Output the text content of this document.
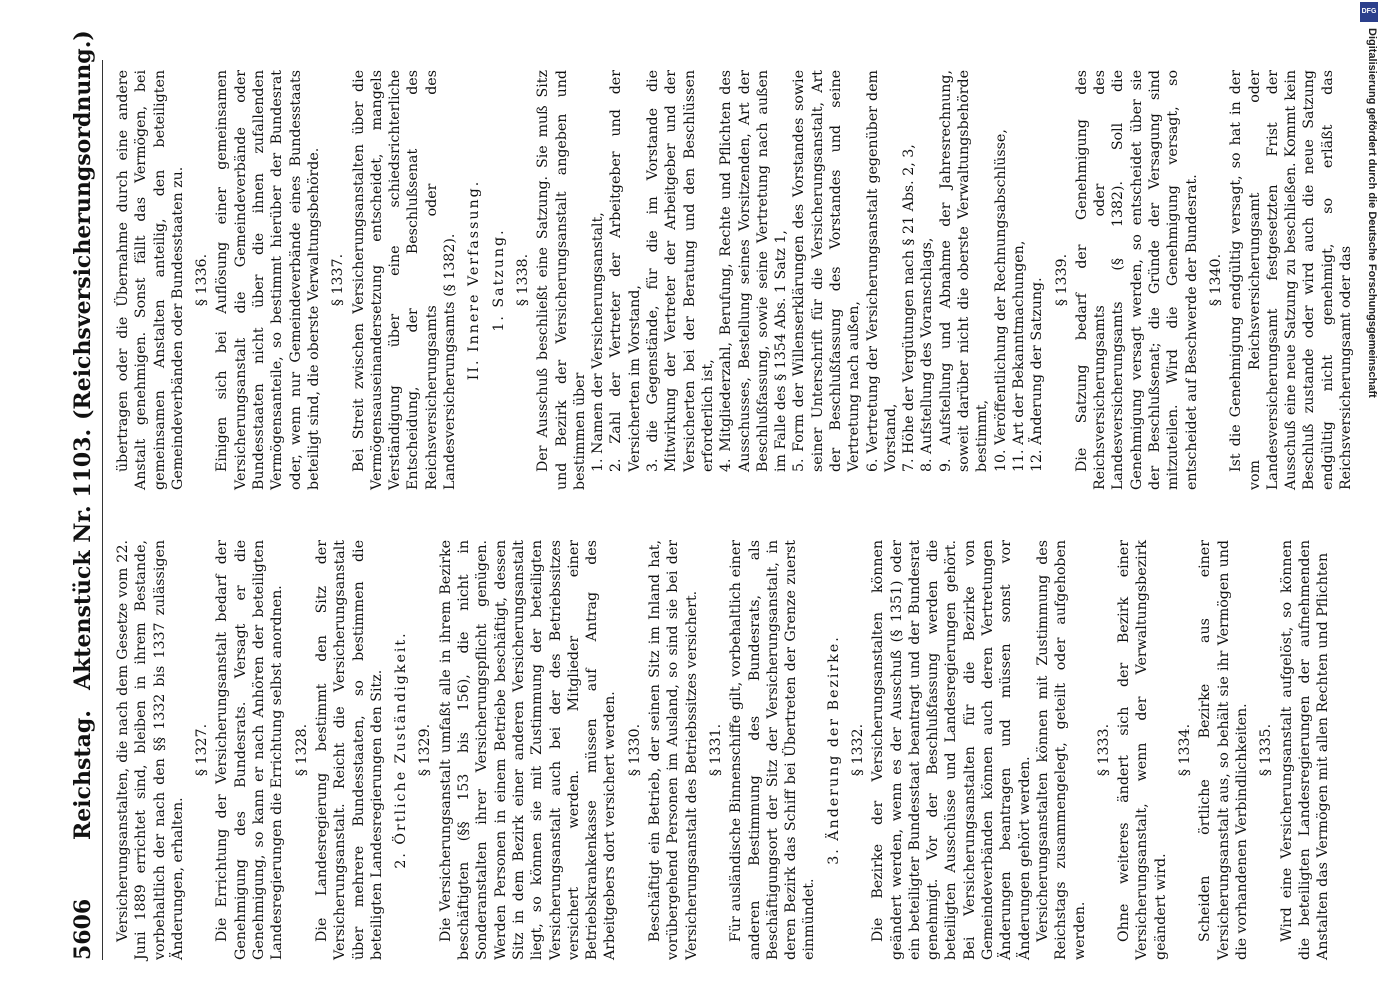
5606
Reichstag.
Aktenstück Nr. 1103.
(Reichsversicherungsordnung.)

Versicherungsanstalten, die nach dem Gesetze vom 22. Juni 1889 errichtet sind, bleiben in ihrem Bestande, vorbehaltlich der nach den §§ 1332 bis 1337 zulässigen Änderungen, erhalten.

§ 1327. Die Errichtung der Versicherungsanstalt bedarf der Genehmigung des Bundesrats. Versagt er die Genehmigung, so kann er nach Anhören der beteiligten Landesregierungen die Errichtung selbst anordnen. § 1328. Die Landesregierung bestimmt den Sitz der Versicherungsanstalt. Reicht die Versicherungsanstalt über mehrere Bundesstaaten, so bestimmen die beteiligten Landesregierungen den Sitz. 2. Örtliche Zuständigkeit. § 1329. Die Versicherungsanstalt umfaßt alle in ihrem Bezirke beschäftigten (§§ 153 bis 156), die nicht in Sonderanstalten ihrer Versicherungspflicht genügen. Werden Personen in einem Betriebe beschäftigt, dessen Sitz in dem Bezirk einer anderen Versicherungsanstalt liegt, so können sie mit Zustimmung der beteiligten Versicherungsanstalt auch bei der des Betriebssitzes versichert werden. Mitglieder einer Betriebskrankenkasse müssen auf Antrag des Arbeitgebers dort versichert werden. § 1330. Beschäftigt ein Betrieb, der seinen Sitz im Inland hat, vorübergehend Personen im Ausland, so sind sie bei der Versicherungsanstalt des Betriebssitzes versichert. § 1331. Für ausländische Binnenschiffe gilt, vorbehaltlich einer anderen Bestimmung des Bundesrats, als Beschäftigungsort der Sitz der Versicherungsanstalt, in deren Bezirk das Schiff bei Übertreten der Grenze zuerst einmündet.

3. Änderung der Bezirke. § 1332. Die Bezirke der Versicherungsanstalten können geändert werden, wenn es der Ausschuß (§ 1351) oder ein beteiligter Bundesstaat beantragt und der Bundesrat genehmigt. Vor der Beschlußfassung werden die beteiligten Ausschüsse und Landesregierungen gehört. Bei Versicherungsanstalten für die Bezirke von Gemeindeverbänden können auch deren Vertretungen Änderungen beantragen und müssen sonst vor Änderungen gehört werden. Versicherungsanstalten können mit Zustimmung des Reichstags zusammengelegt, geteilt oder aufgehoben werden.

§ 1333. Ohne weiteres ändert sich der Bezirk einer Versicherungsanstalt, wenn der Verwaltungsbezirk geändert wird.

§ 1334. Scheiden örtliche Bezirke aus einer Versicherungsanstalt aus, so behält sie ihr Vermögen und die vorhandenen Verbindlichkeiten. § 1335. Wird eine Versicherungsanstalt aufgelöst, so können die beteiligten Landesregierungen der aufnehmenden Anstalten das Vermögen mit allen Rechten und Pflichten

übertragen oder die Übernahme durch eine andere Anstalt genehmigen. Sonst fällt das Vermögen, bei gemeinsamen Anstalten anteilig, den beteiligten Gemeindeverbänden oder Bundesstaaten zu. § 1336. Einigen sich bei Auflösung einer gemeinsamen Versicherungsanstalt die Gemeindeverbände oder Bundesstaaten nicht über die ihnen zufallenden Vermögensanteile, so bestimmt hierüber der Bundesrat oder, wenn nur Gemeindeverbände eines Bundesstaats beteiligt sind, die oberste Verwaltungsbehörde. § 1337. Bei Streit zwischen Versicherungsanstalten über die Vermögensauseinandersetzung entscheidet, mangels Verständigung über eine schiedsrichterliche Entscheidung, der Beschlußsenat des Reichsversicherungsamts oder des Landesversicherungsamts (§ 1382). II. Innere Verfassung. 1. Satzung. § 1338. Der Ausschuß beschließt eine Satzung. Sie muß Sitz und Bezirk der Versicherungsanstalt angeben und bestimmen über 1. Namen der Versicherungsanstalt, 2. Zahl der Vertreter der Arbeitgeber und der Versicherten im Vorstand, 3. die Gegenstände, für die im Vorstande die Mitwirkung der Vertreter der Arbeitgeber und der Versicherten bei der Beratung und den Beschlüssen erforderlich ist, 4. Mitgliederzahl, Berufung, Rechte und Pflichten des Ausschusses, Bestellung seines Vorsitzenden, Art der Beschlußfassung, sowie seine Vertretung nach außen im Falle des § 1354 Abs. 1 Satz 1, 5. Form der Willenserklärungen des Vorstandes sowie seiner Unterschrift für die Versicherungsanstalt, Art der Beschlußfassung des Vorstandes und seine Vertretung nach außen, 6. Vertretung der Versicherungsanstalt gegenüber dem Vorstand, 7. Höhe der Vergütungen nach § 21 Abs. 2, 3, 8. Aufstellung des Voranschlags, 9. Aufstellung und Abnahme der Jahresrechnung, soweit darüber nicht die oberste Verwaltungsbehörde bestimmt, 10. Veröffentlichung der Rechnungsabschlüsse, 11. Art der Bekanntmachungen, 12. Änderung der Satzung. § 1339. Die Satzung bedarf der Genehmigung des Reichsversicherungsamts oder des Landesversicherungsamts (§ 1382). Soll die Genehmigung versagt werden, so entscheidet über sie der Beschlußsenat; die Gründe der Versagung sind mitzuteilen. Wird die Genehmigung versagt, so entscheidet auf Beschwerde der Bundesrat. § 1340. Ist die Genehmigung endgültig versagt, so hat in der vom Reichsversicherungsamt oder Landesversicherungsamt festgesetzten Frist der Ausschuß eine neue Satzung zu beschließen. Kommt kein Beschluß zustande oder wird auch die neue Satzung endgültig nicht genehmigt, so erläßt das Reichsversicherungsamt oder das

DFG
Digitalisierung gefördert durch die Deutsche Forschungsgemeinschaft
